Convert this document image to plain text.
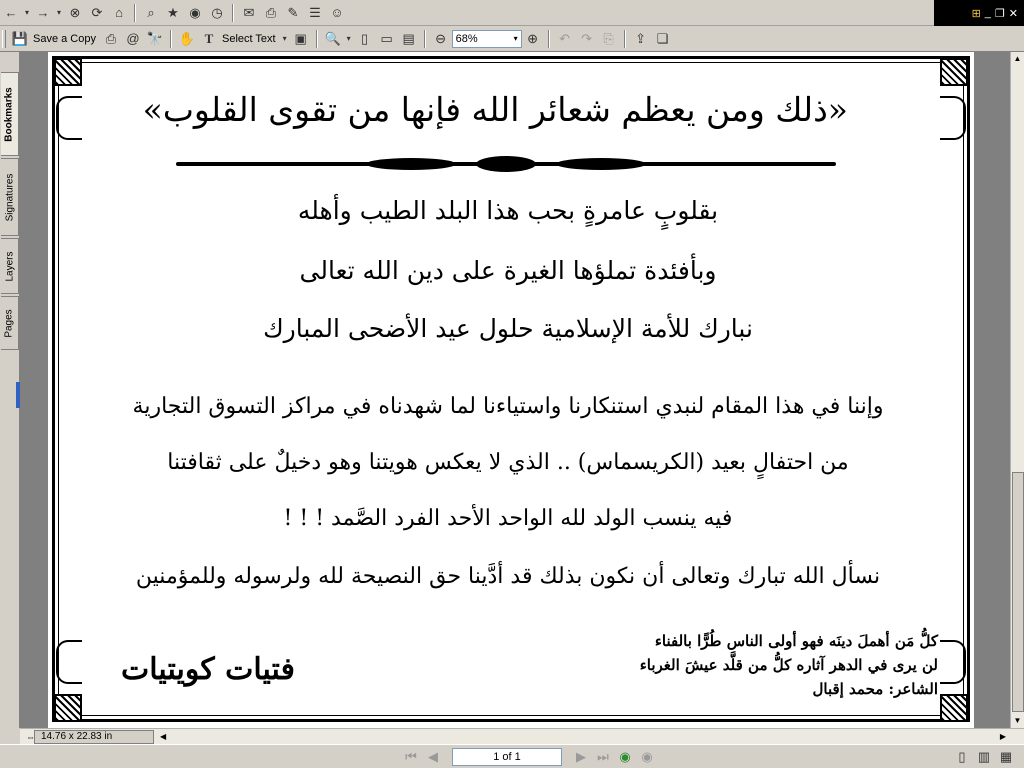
← ▾ → ▾ ⊗ ⟳ ⌂	⌕ ★ ◉ ◷	✉ ⎙ ✎ ☰ ☺	⊞ _ ❐ ✕
💾 Save a Copy ⎙ @ 🔭 ✋ T Select Text ▾ ▣ 🔍 ▾ ▯ ▭ ▤	⊖ 68%	▾ ⊕	↶ ↷ ⎘	⇪ ❏
Bookmarks
Signatures
Layers
Pages
«ذلك ومن يعظم شعائر الله فإنها من تقوى القلوب»
بقلوبٍ عامرةٍ بحب هذا البلد الطيب وأهله
وبأفئدة تملؤها الغيرة على دين الله تعالى
نبارك للأمة الإسلامية حلول عيد الأضحى المبارك
وإننا في هذا المقام لنبدي استنكارنا واستياءنا لما شهدناه في مراكز التسوق التجارية
من احتفالٍ بعيد (الكريسماس) .. الذي لا يعكس هويتنا وهو دخيلٌ على ثقافتنا
فيه ينسب الولد لله الواحد الأحد الفرد الصَّمد ! ! !
نسأل الله تبارك وتعالى أن نكون بذلك قد أدَّينا حق النصيحة لله ولرسوله وللمؤمنين
كلُّ مَن أهملَ دينَه فهو أولى الناس طُرًّا بالفناء
لن يرى في الدهر آثاره كلُّ من قلَّد عيشَ الغرباء
الشاعر: محمد إقبال
فتيات كويتيات
▲
▼
⇔ 14.76 x 22.83 in	◀	▶
⏮ ◀	1 of 1	▶ ⏭ ◉ ◉	▯ ▥ ▦
